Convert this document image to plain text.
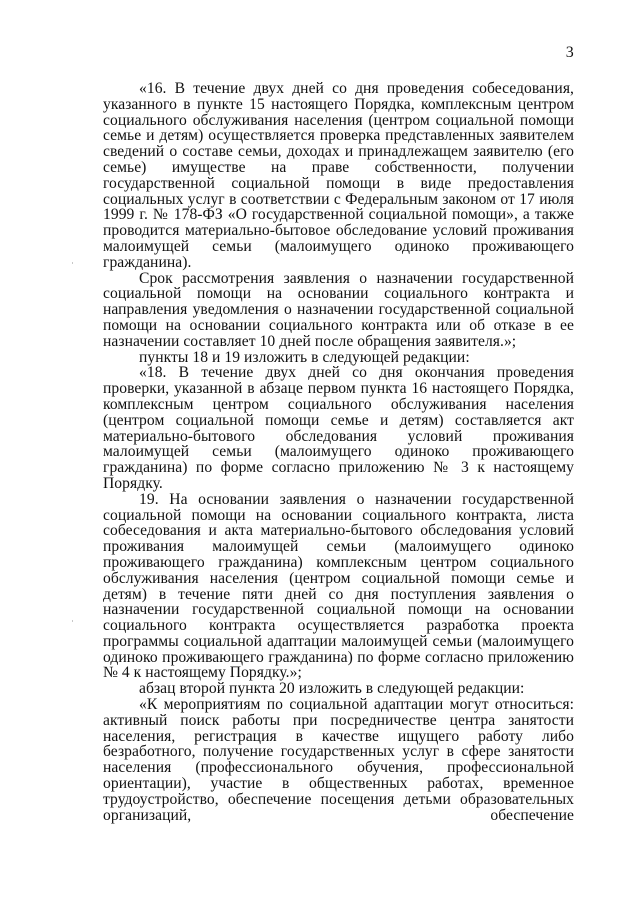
3

«16. В течение двух дней со дня проведения собеседования, указанного в пункте 15 настоящего Порядка, комплексным центром социального обслуживания населения (центром социальной помощи семье и детям) осуществляется проверка представленных заявителем сведений о составе семьи, доходах и принадлежащем заявителю (его семье) имуществе на праве собственности, получении государственной социальной помощи в виде предоставления социальных услуг в соответствии с Федеральным законом от 17 июля 1999 г. № 178-ФЗ «О государственной социальной помощи», а также проводится материально-бытовое обследование условий проживания малоимущей семьи (малоимущего одиноко проживающего гражданина).

Срок рассмотрения заявления о назначении государственной социальной помощи на основании социального контракта и направления уведомления о назначении государственной социальной помощи на основании социального контракта или об отказе в ее назначении составляет 10 дней после обращения заявителя.»;

пункты 18 и 19 изложить в следующей редакции:

«18. В течение двух дней со дня окончания проведения проверки, указанной в абзаце первом пункта 16 настоящего Порядка, комплексным центром социального обслуживания населения (центром социальной помощи семье и детям) составляется акт материально-бытового обследования условий проживания малоимущей семьи (малоимущего одиноко проживающего гражданина) по форме согласно приложению № 3 к настоящему Порядку.

19. На основании заявления о назначении государственной социальной помощи на основании социального контракта, листа собеседования и акта материально-бытового обследования условий проживания малоимущей семьи (малоимущего одиноко проживающего гражданина) комплексным центром социального обслуживания населения (центром социальной помощи семье и детям) в течение пяти дней со дня поступления заявления о назначении государственной социальной помощи на основании социального контракта осуществляется разработка проекта программы социальной адаптации малоимущей семьи (малоимущего одиноко проживающего гражданина) по форме согласно приложению № 4 к настоящему Порядку.»;

абзац второй пункта 20 изложить в следующей редакции:

«К мероприятиям по социальной адаптации могут относиться: активный поиск работы при посредничестве центра занятости населения, регистрация в качестве ищущего работу либо безработного, получение государственных услуг в сфере занятости населения (профессионального обучения, профессиональной ориентации), участие в общественных работах, временное трудоустройство, обеспечение посещения детьми образовательных организаций, обеспечение
